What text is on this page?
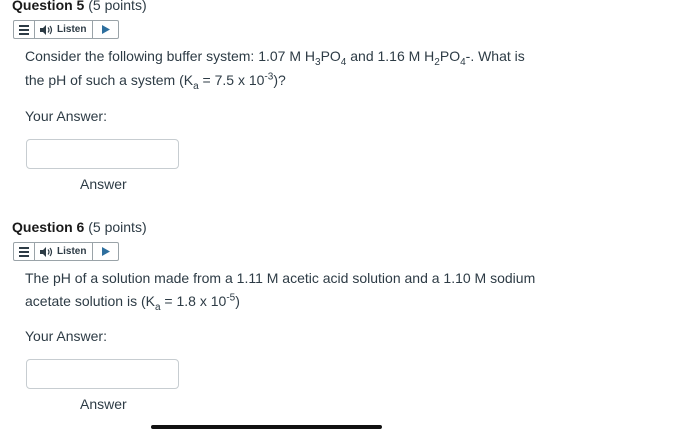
Question 5 (5 points)
Listen
Consider the following buffer system: 1.07 M $H_3PO_4$ and 1.16 M $H_2PO_4-$. What is
the pH of such a system ($K_a = 7.5$ x $10^{-3}$)?
Your Answer:
Answer
Question 6 (5 points)
Listen
The pH of a solution made from a 1.11 M acetic acid solution and a 1.10 M sodium
acetate solution is ($K_a = 1.8$ x $10^{-5}$)
Your Answer:
Answer
